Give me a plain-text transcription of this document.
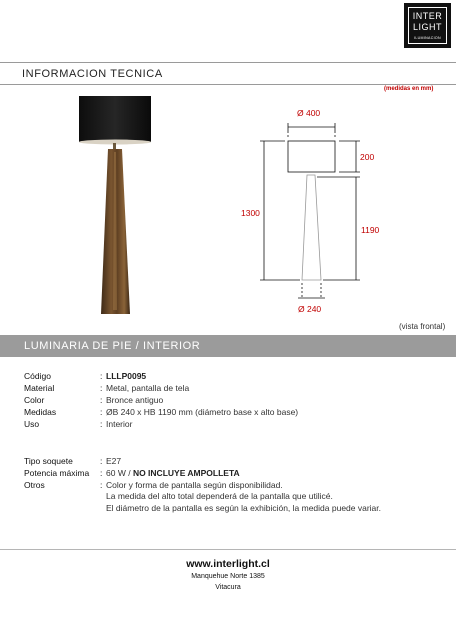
INTER
LIGHT
ILUMINACION
INFORMACION TECNICA
(medidas en mm)
Ø 400
200
1300
1190
Ø 240
(vista frontal)
LUMINARIA DE PIE / INTERIOR
Código	: LLLP0095
Material	: Metal, pantalla de tela
Color	: Bronce antiguo
Medidas	: ØB 240 x HB 1190 mm (diámetro base x alto base)
Uso	: Interior
Tipo soquete	: E27
Potencia máxima	: 60 W / NO INCLUYE AMPOLLETA
Otros	: Color y forma de pantalla según disponibilidad.
La medida del alto total dependerá de la pantalla que utilicé.
El diámetro de la pantalla es según la exhibición, la medida puede variar.
www.interlight.cl
Manquehue Norte 1385
Vitacura
